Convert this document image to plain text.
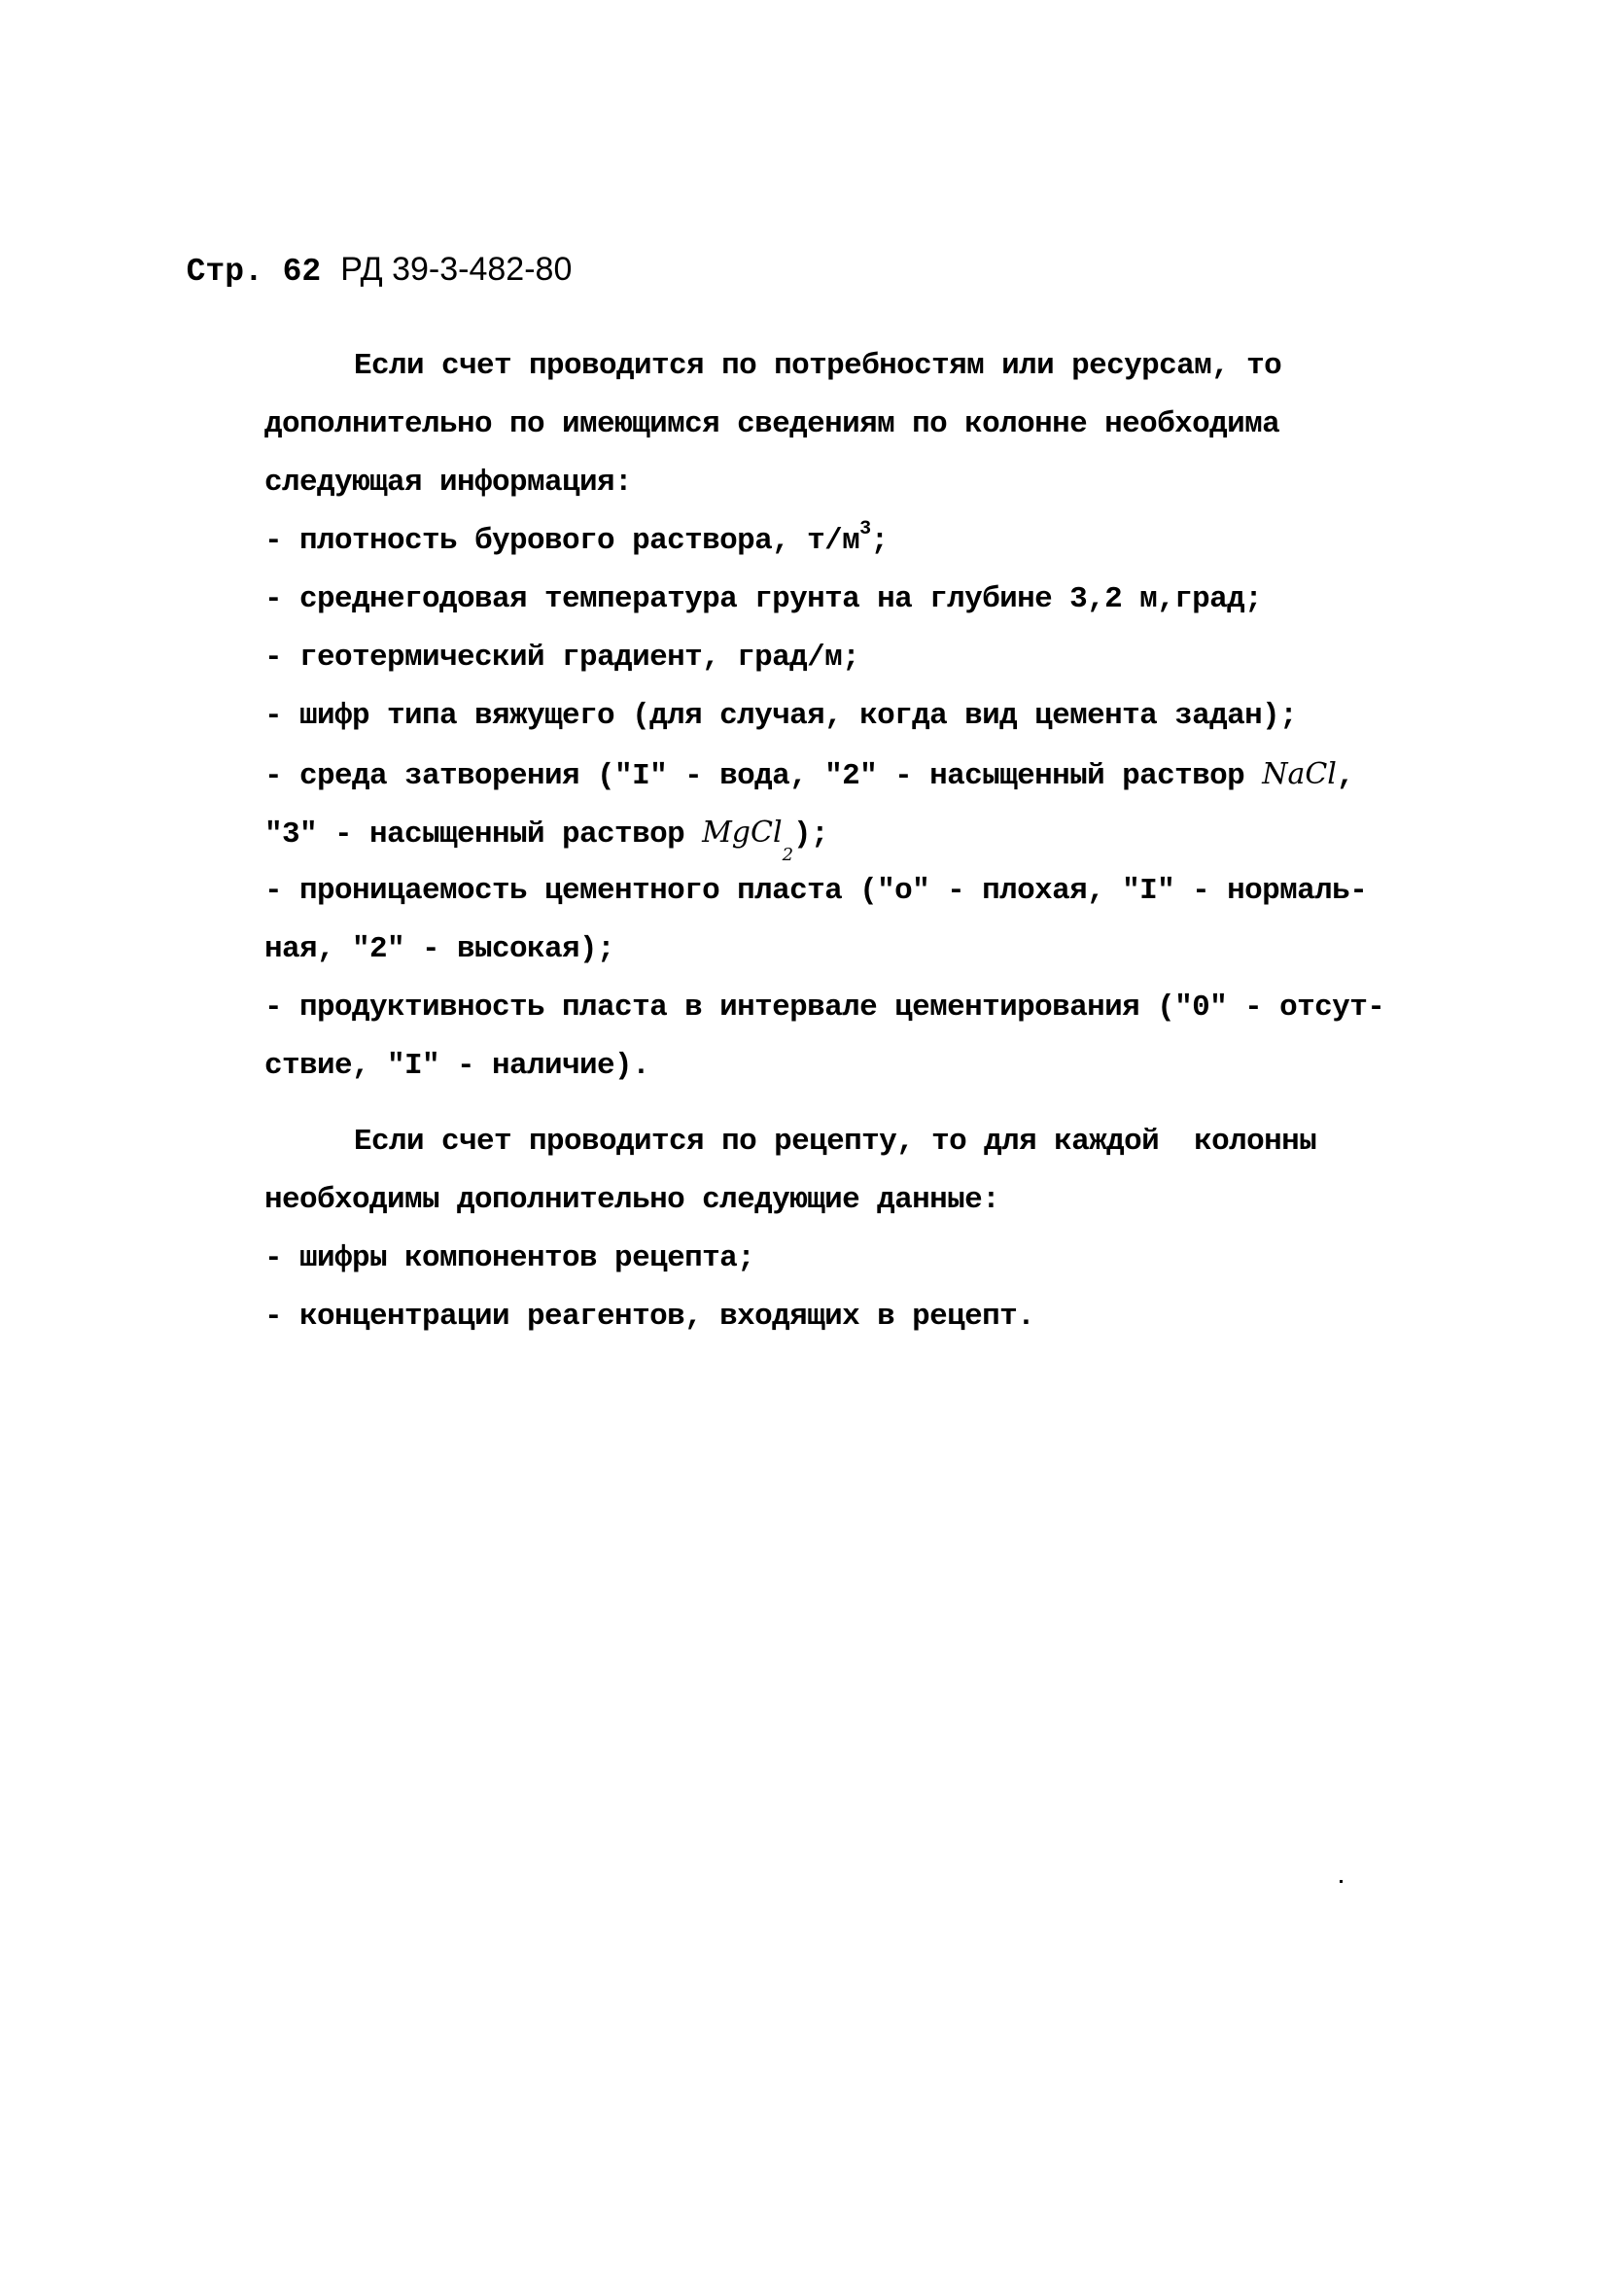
Стр. 62 РД 39-3-482-80

Если счет проводится по потребностям или ресурсам, то
дополнительно по имеющимся сведениям по колонне необходима
следующая информация:
- плотность бурового раствора, $т/м^3$;
- среднегодовая температура грунта на глубине 3,2 м,град;
- геотермический градиент, град/м;
- шифр типа вяжущего (для случая, когда вид цемента задан);
- среда затворения ("I" - вода, "2" - насыщенный раствор NaCl,
"3" - насыщенный раствор MgCl2);
- проницаемость цементного пласта ("о" - плохая, "I" - нормаль-
ная, "2" - высокая);
- продуктивность пласта в интервале цементирования ("0" - отсут-
ствие, "I" - наличие).
Если счет проводится по рецепту, то для каждой  колонны
необходимы дополнительно следующие данные:
- шифры компонентов рецепта;
- концентрации реагентов, входящих в рецепт.
